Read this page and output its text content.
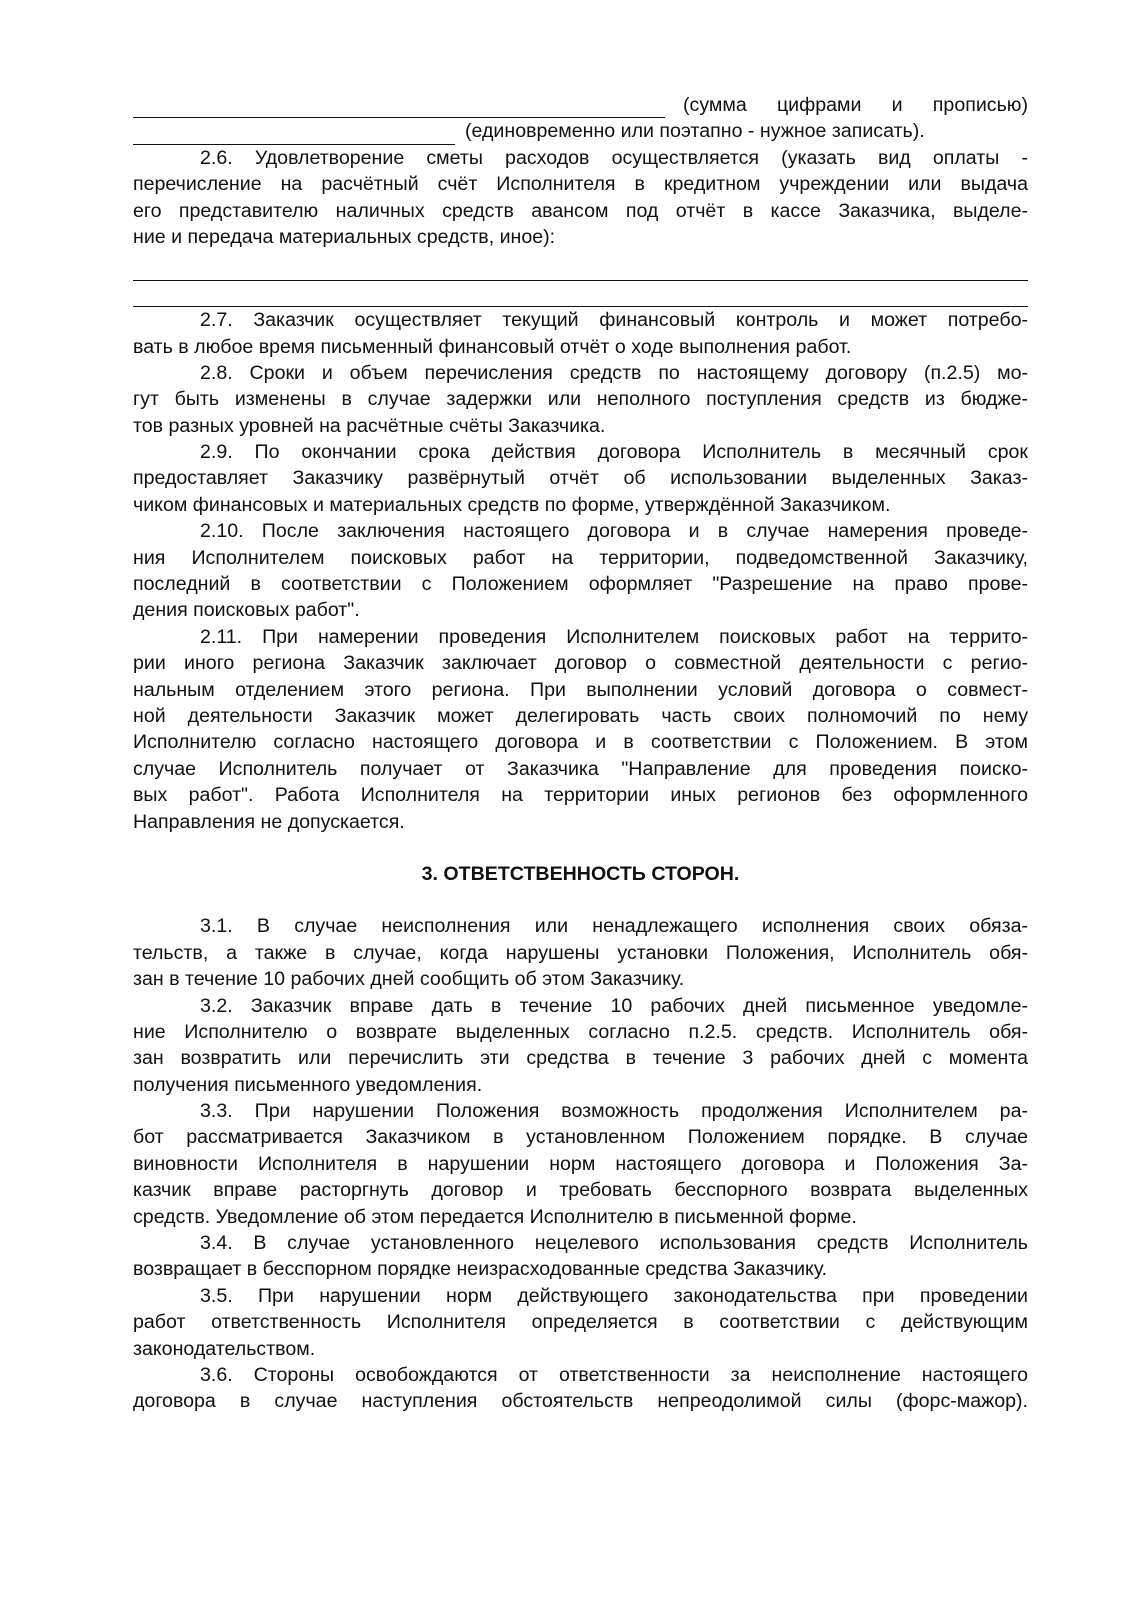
(сумма цифрами и прописью)
(единовременно или поэтапно - нужное записать).
2.6. Удовлетворение сметы расходов осуществляется (указать вид оплаты -
перечисление на расчётный счёт Исполнителя в кредитном учреждении или выдача
его представителю наличных средств авансом под отчёт в кассе Заказчика, выделе-
ние и передача материальных средств, иное):
2.7. Заказчик осуществляет текущий финансовый контроль и может потребо-
вать в любое время письменный финансовый отчёт о ходе выполнения работ.
2.8. Сроки и объем перечисления средств по настоящему договору (п.2.5) мо-
гут быть изменены в случае задержки или неполного поступления средств из бюдже-
тов разных уровней на расчётные счёты Заказчика.
2.9. По окончании срока действия договора Исполнитель в месячный срок
предоставляет Заказчику развёрнутый отчёт об использовании выделенных Заказ-
чиком финансовых и материальных средств по форме, утверждённой Заказчиком.
2.10. После заключения настоящего договора и в случае намерения проведе-
ния Исполнителем поисковых работ на территории, подведомственной Заказчику,
последний в соответствии с Положением оформляет "Разрешение на право прове-
дения поисковых работ".
2.11. При намерении проведения Исполнителем поисковых работ на террито-
рии иного региона Заказчик заключает договор о совместной деятельности с регио-
нальным отделением этого региона. При выполнении условий договора о совмест-
ной деятельности Заказчик может делегировать часть своих полномочий по нему
Исполнителю согласно настоящего договора и в соответствии с Положением. В этом
случае Исполнитель получает от Заказчика "Направление для проведения поиско-
вых работ". Работа Исполнителя на территории иных регионов без оформленного
Направления не допускается.
3. ОТВЕТСТВЕННОСТЬ СТОРОН.
3.1. В случае неисполнения или ненадлежащего исполнения своих обяза-
тельств, а также в случае, когда нарушены установки Положения, Исполнитель обя-
зан в течение 10 рабочих дней сообщить об этом Заказчику.
3.2. Заказчик вправе дать в течение 10 рабочих дней письменное уведомле-
ние Исполнителю о возврате выделенных согласно п.2.5. средств. Исполнитель обя-
зан возвратить или перечислить эти средства в течение 3 рабочих дней с момента
получения письменного уведомления.
3.3. При нарушении Положения возможность продолжения Исполнителем ра-
бот рассматривается Заказчиком в установленном Положением порядке. В случае
виновности Исполнителя в нарушении норм настоящего договора и Положения За-
казчик вправе расторгнуть договор и требовать бесспорного возврата выделенных
средств. Уведомление об этом передается Исполнителю в письменной форме.
3.4. В случае установленного нецелевого использования средств Исполнитель
возвращает в бесспорном порядке неизрасходованные средства Заказчику.
3.5. При нарушении норм действующего законодательства при проведении
работ ответственность Исполнителя определяется в соответствии с действующим
законодательством.
3.6. Стороны освобождаются от ответственности за неисполнение настоящего
договора в случае наступления обстоятельств непреодолимой силы (форс-мажор).
